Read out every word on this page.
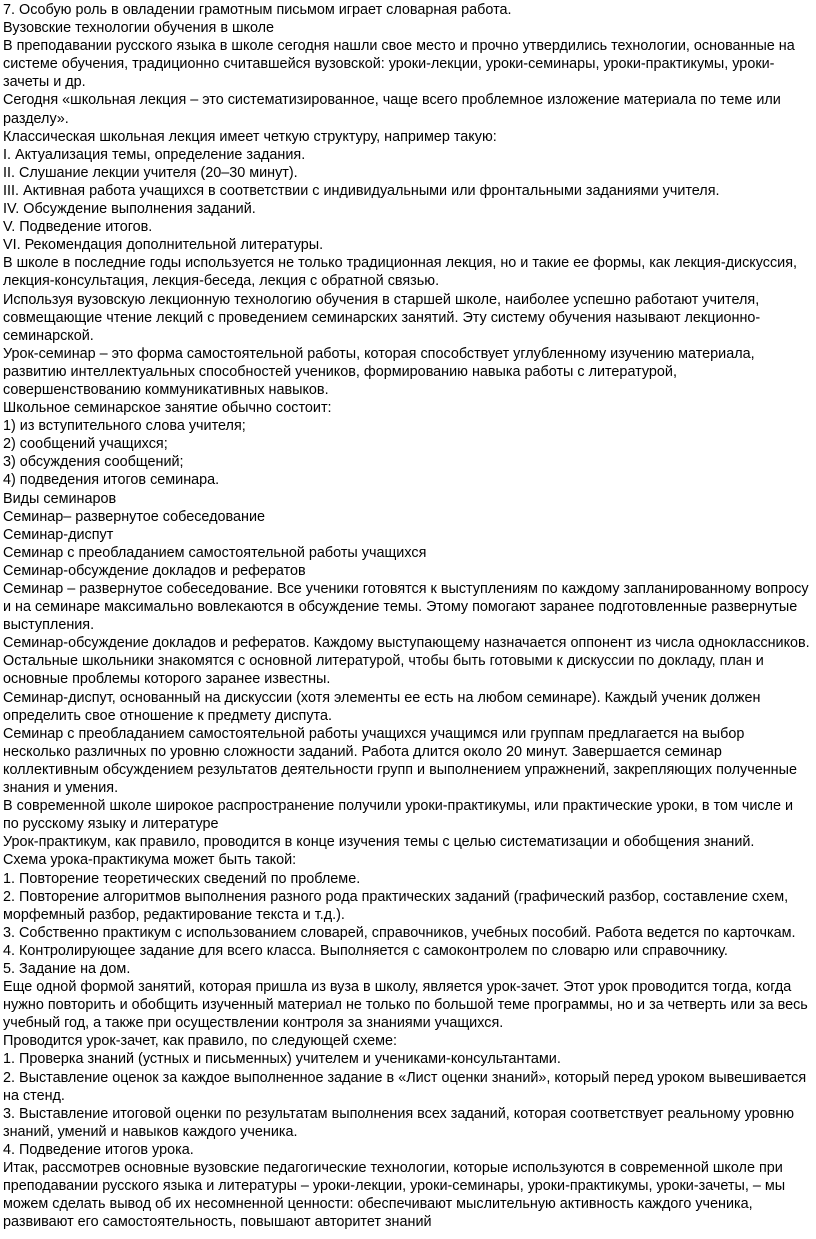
7. Особую роль в овладении грамотным письмом играет словарная работа.

Вузовские технологии обучения в школе

В преподавании русского языка в школе сегодня нашли свое место и прочно утвердились технологии, основанные на системе обучения, традиционно считавшейся вузовской: уроки-лекции, уроки-семинары, уроки-практикумы, уроки-зачеты и др.

Сегодня «школьная лекция – это систематизированное, чаще всего проблемное изложение материала по теме или разделу».

Классическая школьная лекция имеет четкую структуру, например такую:

I. Актуализация темы, определение задания.

II. Слушание лекции учителя (20–30 минут).

III. Активная работа учащихся в соответствии с индивидуальными или фронтальными заданиями учителя.

IV. Обсуждение выполнения заданий.

V. Подведение итогов.

VI. Рекомендация дополнительной литературы.

В школе в последние годы используется не только традиционная лекция, но и такие ее формы, как лекция-дискуссия, лекция-консультация, лекция-беседа, лекция с обратной связью.

Используя вузовскую лекционную технологию обучения в старшей школе, наиболее успешно работают учителя, совмещающие чтение лекций с проведением семинарских занятий. Эту систему обучения называют лекционно-семинарской.

Урок-семинар – это форма самостоятельной работы, которая способствует углубленному изучению материала, развитию интеллектуальных способностей учеников, формированию навыка работы с литературой, совершенствованию коммуникативных навыков.

Школьное семинарское занятие обычно состоит:

1) из вступительного слова учителя;

2) сообщений учащихся;

3) обсуждения сообщений;

4) подведения итогов семинара.

Виды семинаров

Семинар– развернутое собеседование

Семинар-диспут

Семинар с преобладанием самостоятельной работы учащихся

Семинар-обсуждение докладов и рефератов

Семинар – развернутое собеседование. Все ученики готовятся к выступлениям по каждому запланированному вопросу и на семинаре максимально вовлекаются в обсуждение темы. Этому помогают заранее подготовленные развернутые выступления.

Семинар-обсуждение докладов и рефератов. Каждому выступающему назначается оппонент из числа одноклассников. Остальные школьники знакомятся с основной литературой, чтобы быть готовыми к дискуссии по докладу, план и основные проблемы которого заранее известны.

Семинар-диспут, основанный на дискуссии (хотя элементы ее есть на любом семинаре). Каждый ученик должен определить свое отношение к предмету диспута.

Семинар с преобладанием самостоятельной работы учащихся учащимся или группам предлагается на выбор несколько различных по уровню сложности заданий. Работа длится около 20 минут. Завершается семинар коллективным обсуждением результатов деятельности групп и выполнением упражнений, закрепляющих полученные знания и умения.

В современной школе широкое распространение получили уроки-практикумы, или практические уроки, в том числе и по русскому языку и литературе

Урок-практикум, как правило, проводится в конце изучения темы с целью систематизации и обобщения знаний.

Схема урока-практикума может быть такой:

1. Повторение теоретических сведений по проблеме.

2. Повторение алгоритмов выполнения разного рода практических заданий (графический разбор, составление схем, морфемный разбор, редактирование текста и т.д.).

3. Собственно практикум с использованием словарей, справочников, учебных пособий. Работа ведется по карточкам.

4. Контролирующее задание для всего класса. Выполняется с самоконтролем по словарю или справочнику.

5. Задание на дом.

Еще одной формой занятий, которая пришла из вуза в школу, является урок-зачет. Этот урок проводится тогда, когда нужно повторить и обобщить изученный материал не только по большой теме программы, но и за четверть или за весь учебный год, а также при осуществлении контроля за знаниями учащихся.

Проводится урок-зачет, как правило, по следующей схеме:

1. Проверка знаний (устных и письменных) учителем и учениками-консультантами.

2. Выставление оценок за каждое выполненное задание в «Лист оценки знаний», который перед уроком вывешивается на стенд.

3. Выставление итоговой оценки по результатам выполнения всех заданий, которая соответствует реальному уровню знаний, умений и навыков каждого ученика.

4. Подведение итогов урока.

Итак, рассмотрев основные вузовские педагогические технологии, которые используются в современной школе при преподавании русского языка и литературы – уроки-лекции, уроки-семинары, уроки-практикумы, уроки-зачеты, – мы можем сделать вывод об их несомненной ценности: обеспечивают мыслительную активность каждого ученика, развивают его самостоятельность, повышают авторитет знаний
